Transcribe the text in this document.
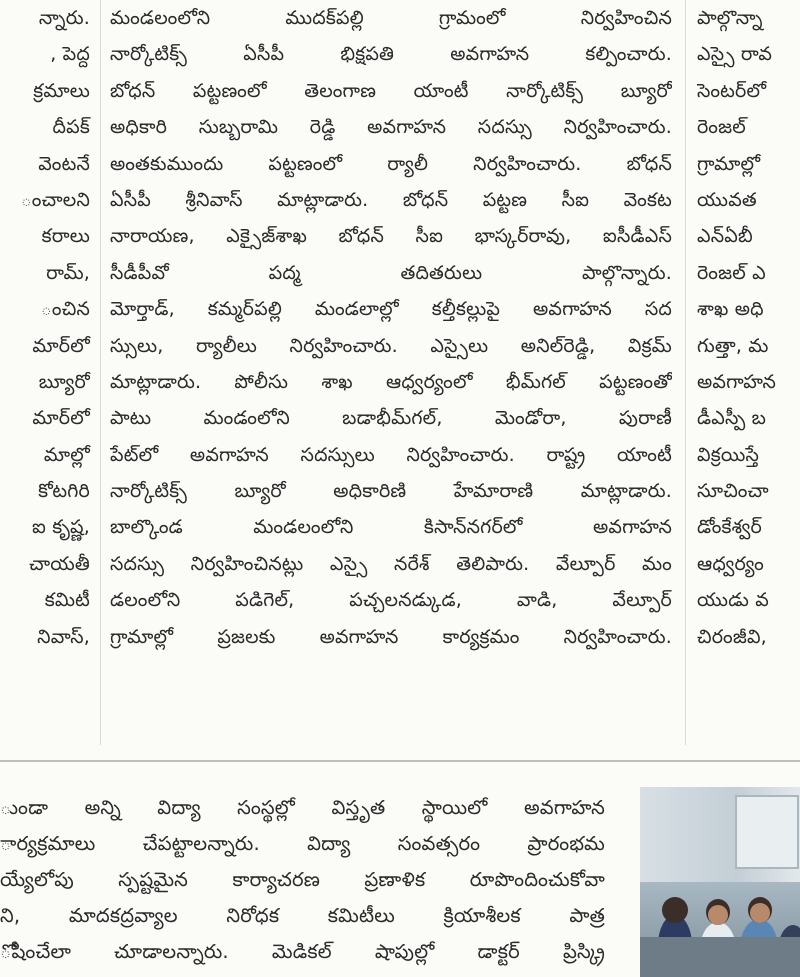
న్నారు.
, పెద్ద
క్రమాలు
దీపక్
వెంటనే
ంచాలని
కరాలు
రామ్,
ంచిన
మార్‌లో
బ్యూరో
మార్‌లో
మాల్లో
కోటగిరి
ఐ కృష్ణ,
చాయతీ
కమిటీ
నివాస్,
మండలంలోని ముదక్‌పల్లి గ్రామంలో నిర్వహించిన
నార్కోటిక్స్ ఏసీపీ భిక్షపతి అవగాహన కల్పించారు.
బోధన్ పట్టణంలో తెలంగాణ యాంటీ నార్కోటిక్స్ బ్యూరో
అధికారి సుబ్బరామి రెడ్డి అవగాహన సదస్సు నిర్వహించారు.
అంతకుముందు పట్టణంలో ర్యాలీ నిర్వహించారు. బోధన్
ఏసీపీ శ్రీనివాస్ మాట్లాడారు. బోధన్ పట్టణ సీఐ వెంకట
నారాయణ, ఎక్సైజ్‌శాఖ బోధన్ సీఐ భాస్కర్‌రావు, ఐసీడీఎస్
సీడీపీవో పద్మ తదితరులు పాల్గొన్నారు.
మోర్తాడ్, కమ్మర్‌పల్లి మండలాల్లో కల్తీకల్లుపై అవగాహన సద
స్సులు, ర్యాలీలు నిర్వహించారు. ఎస్సైలు అనిల్‌రెడ్డి, విక్రమ్
మాట్లాడారు. పోలీసు శాఖ ఆధ్వర్యంలో భీమ్‌గల్ పట్టణంతో
పాటు మండంలోని బడాభీమ్‌గల్, మెండోరా, పురాణీ
పేట్‌లో అవగాహన సదస్సులు నిర్వహించారు. రాష్ట్ర యాంటీ
నార్కోటిక్స్ బ్యూరో అధికారిణి హేమారాణి మాట్లాడారు.
బాల్కొండ మండలంలోని కిసాన్‌నగర్‌లో అవగాహన
సదస్సు నిర్వహించినట్లు ఎస్సై నరేశ్ తెలిపారు. వేల్పూర్ మం
డలంలోని పడిగెల్, పచ్చలనడ్కుడ, వాడి, వేల్పూర్
గ్రామాల్లో ప్రజలకు అవగాహన కార్యక్రమం నిర్వహించారు.
పాల్గొన్నా
ఎస్సై రావ
సెంటర్‌లో
రెంజల్
గ్రామాల్లో
యువత
ఎన్ఏబీ
రెంజల్ ఎ
శాఖ అధి
గుత్తా, మ
అవగాహన
డీఎస్పీ బ
విక్రయిస్తే
సూచించా
డోంకేశ్వర్
ఆధ్వర్యం
యుడు వ
చిరంజీవి,
ుండా అన్ని విద్యా సంస్థల్లో విస్తృత స్థాయిలో అవగాహన
ార్యక్రమాలు చేపట్టాలన్నారు. విద్యా సంవత్సరం ప్రారంభమ
య్యేలోపు స్పష్టమైన కార్యాచరణ ప్రణాళిక రూపొందించుకోవా
ని, మాదకద్రవ్యాల నిరోధక కమిటీలు క్రియాశీలక పాత్ర
ోషించేలా చూడాలన్నారు. మెడికల్ షాపుల్లో డాక్టర్ ప్రిస్క్రి
